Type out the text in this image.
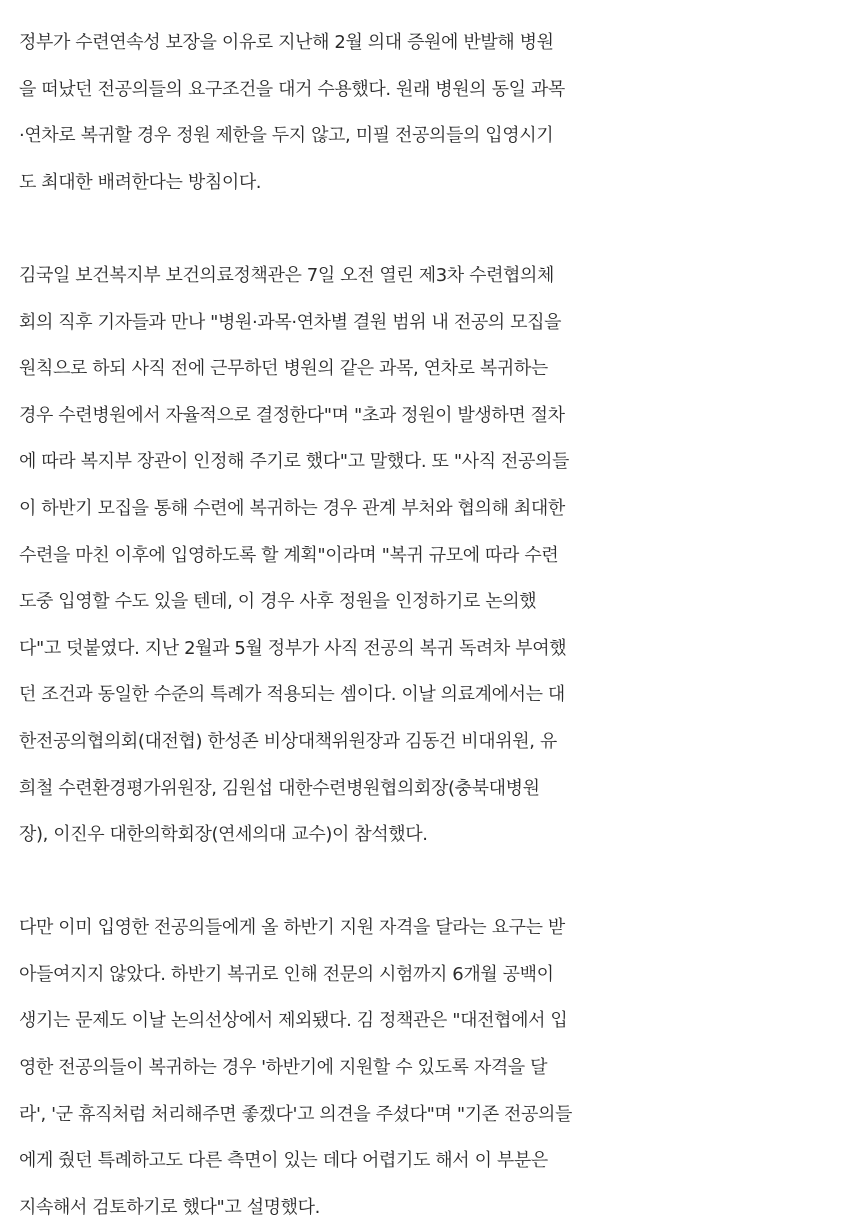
정부가 수련연속성 보장을 이유로 지난해 2월 의대 증원에 반발해 병원
을 떠났던 전공의들의 요구조건을 대거 수용했다. 원래 병원의 동일 과목
·연차로 복귀할 경우 정원 제한을 두지 않고, 미필 전공의들의 입영시기
도 최대한 배려한다는 방침이다.
김국일 보건복지부 보건의료정책관은 7일 오전 열린 제3차 수련협의체
회의 직후 기자들과 만나 "병원·과목·연차별 결원 범위 내 전공의 모집을
원칙으로 하되 사직 전에 근무하던 병원의 같은 과목, 연차로 복귀하는
경우 수련병원에서 자율적으로 결정한다"며 "초과 정원이 발생하면 절차
에 따라 복지부 장관이 인정해 주기로 했다"고 말했다. 또 "사직 전공의들
이 하반기 모집을 통해 수련에 복귀하는 경우 관계 부처와 협의해 최대한
수련을 마친 이후에 입영하도록 할 계획"이라며 "복귀 규모에 따라 수련
도중 입영할 수도 있을 텐데, 이 경우 사후 정원을 인정하기로 논의했
다"고 덧붙였다. 지난 2월과 5월 정부가 사직 전공의 복귀 독려차 부여했
던 조건과 동일한 수준의 특례가 적용되는 셈이다. 이날 의료계에서는 대
한전공의협의회(대전협) 한성존 비상대책위원장과 김동건 비대위원, 유
희철 수련환경평가위원장, 김원섭 대한수련병원협의회장(충북대병원
장), 이진우 대한의학회장(연세의대 교수)이 참석했다.
다만 이미 입영한 전공의들에게 올 하반기 지원 자격을 달라는 요구는 받
아들여지지 않았다. 하반기 복귀로 인해 전문의 시험까지 6개월 공백이
생기는 문제도 이날 논의선상에서 제외됐다. 김 정책관은 "대전협에서 입
영한 전공의들이 복귀하는 경우 '하반기에 지원할 수 있도록 자격을 달
라', '군 휴직처럼 처리해주면 좋겠다'고 의견을 주셨다"며 "기존 전공의들
에게 줬던 특례하고도 다른 측면이 있는 데다 어렵기도 해서 이 부분은
지속해서 검토하기로 했다"고 설명했다.
